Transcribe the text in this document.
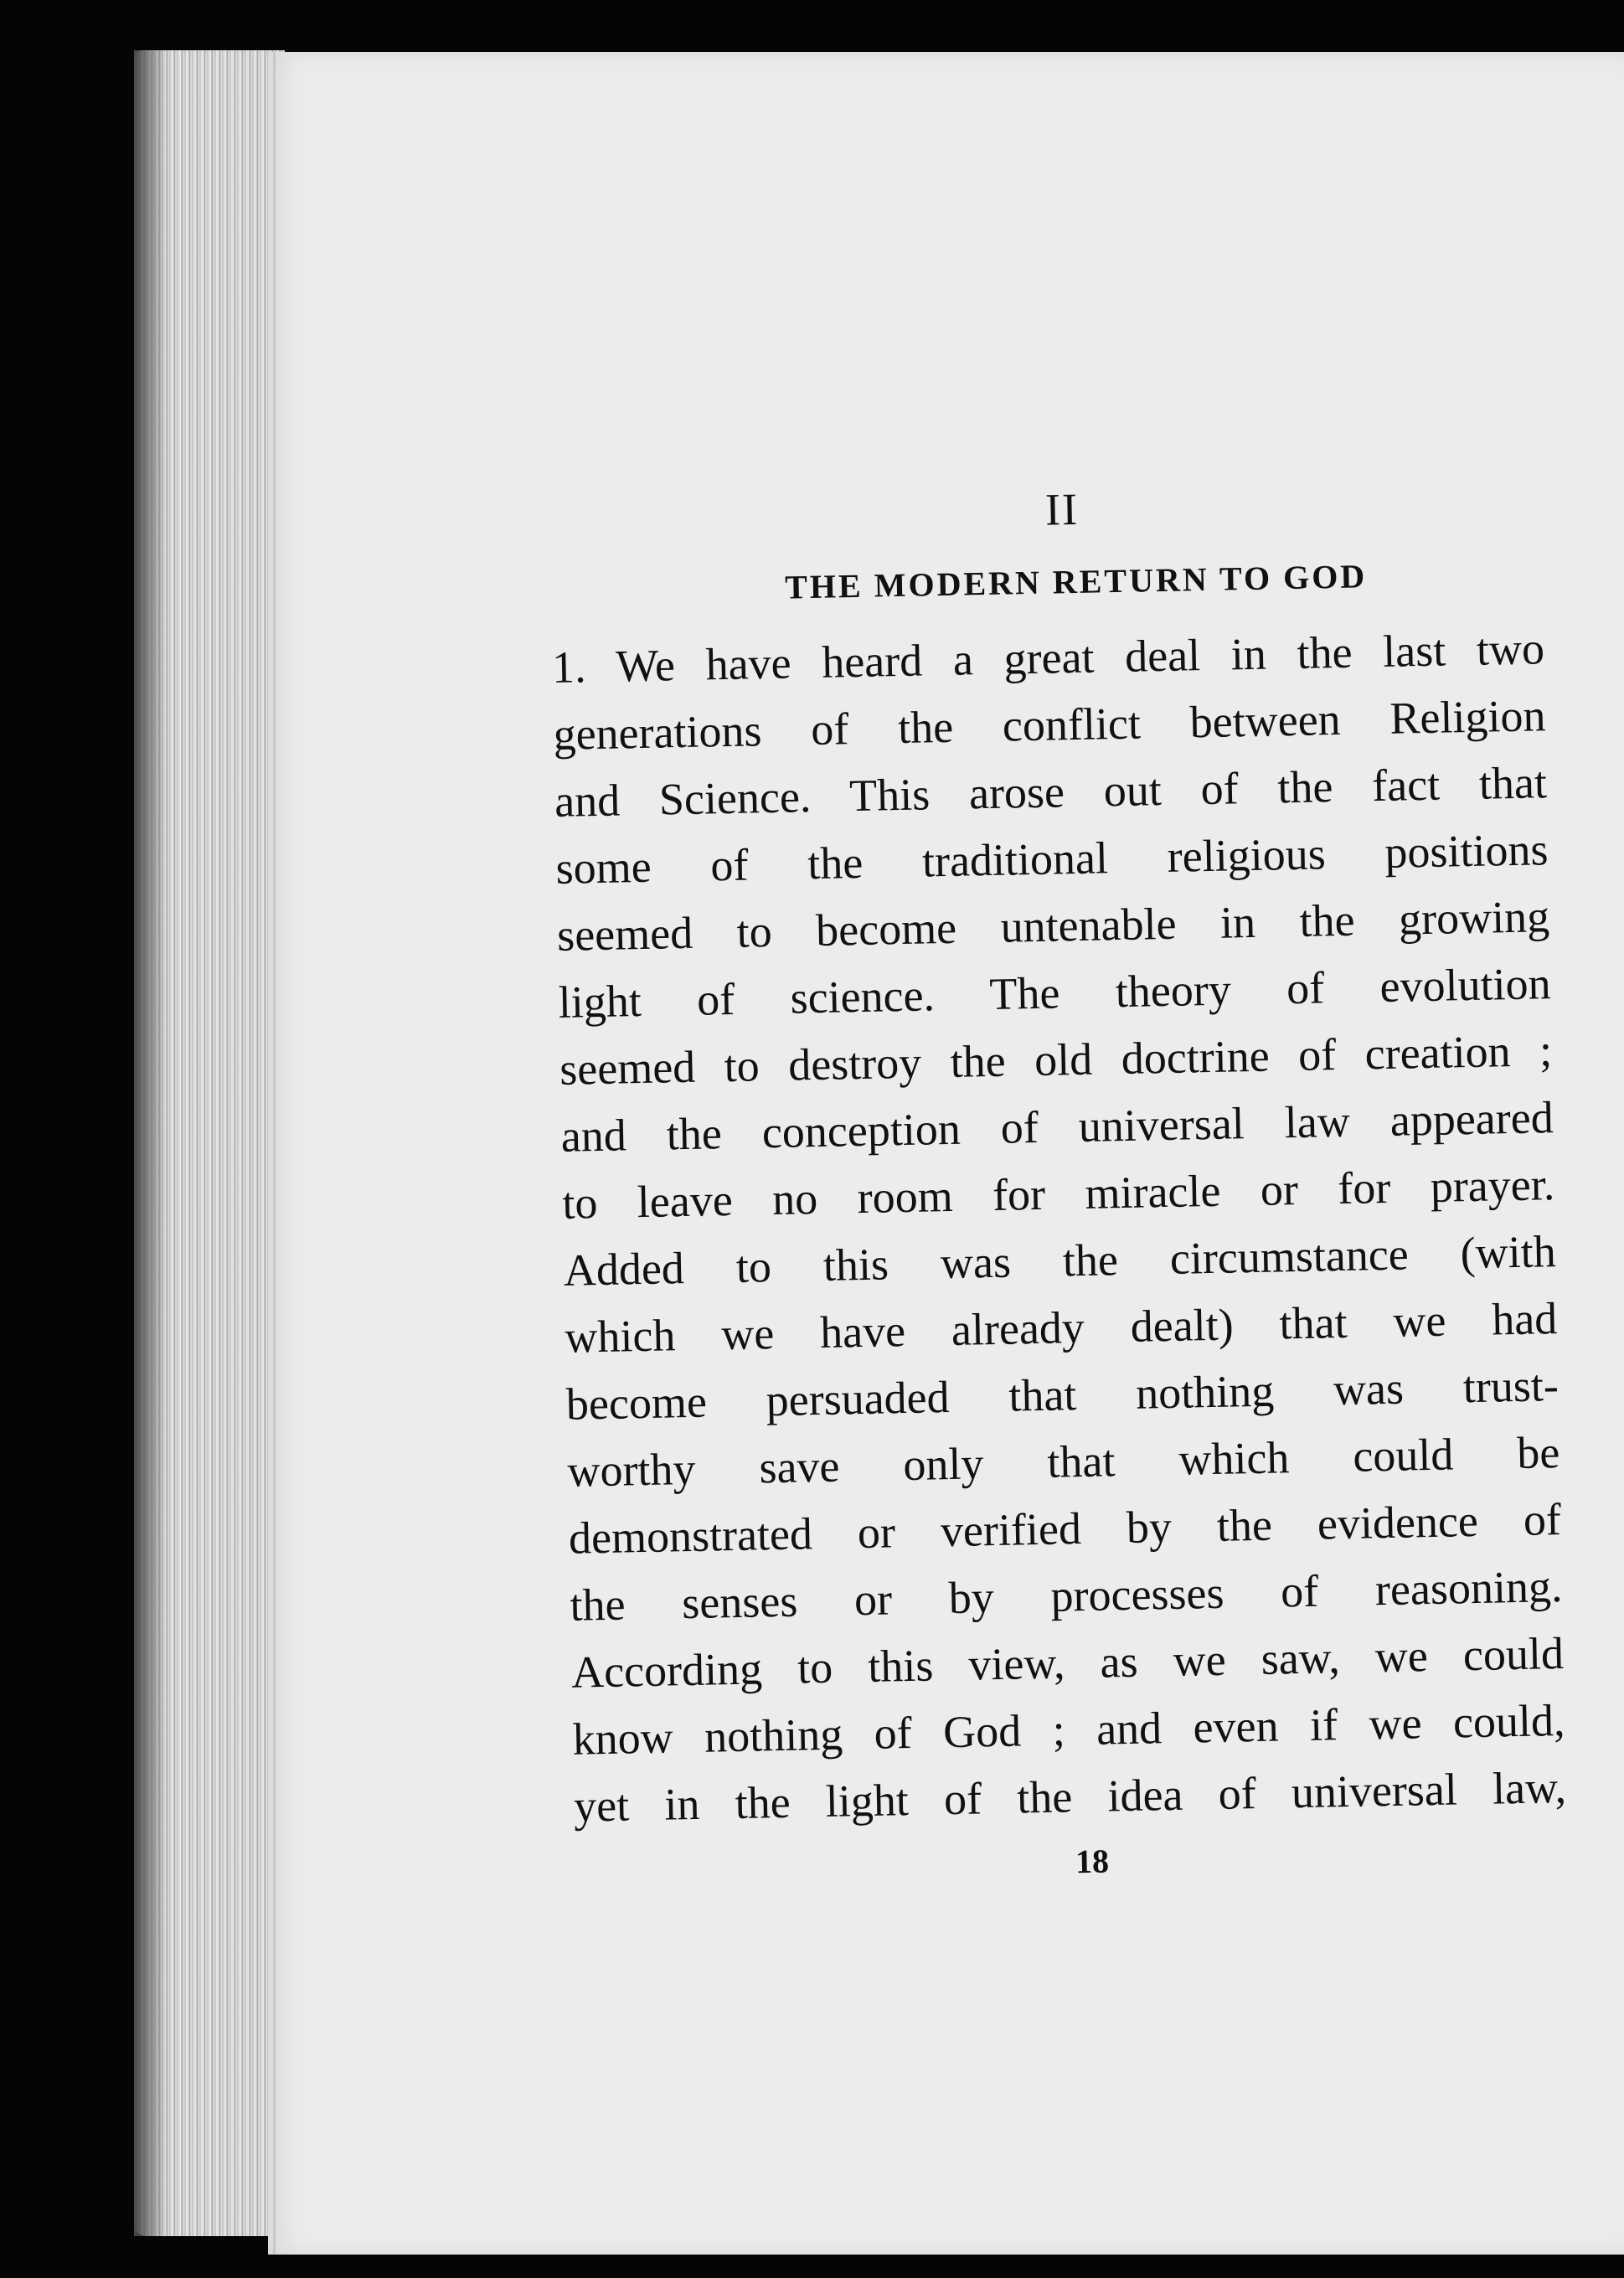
II

THE MODERN RETURN TO GOD

1. We have heard a great deal in the last two
generations of the conflict between Religion
and Science. This arose out of the fact that
some of the traditional religious positions
seemed to become untenable in the growing
light of science. The theory of evolution
seemed to destroy the old doctrine of creation ;
and the conception of universal law appeared
to leave no room for miracle or for prayer.
Added to this was the circumstance (with
which we have already dealt) that we had
become persuaded that nothing was trust-
worthy save only that which could be
demonstrated or verified by the evidence of
the senses or by processes of reasoning.
According to this view, as we saw, we could
know nothing of God ; and even if we could,
yet in the light of the idea of universal law,
18
